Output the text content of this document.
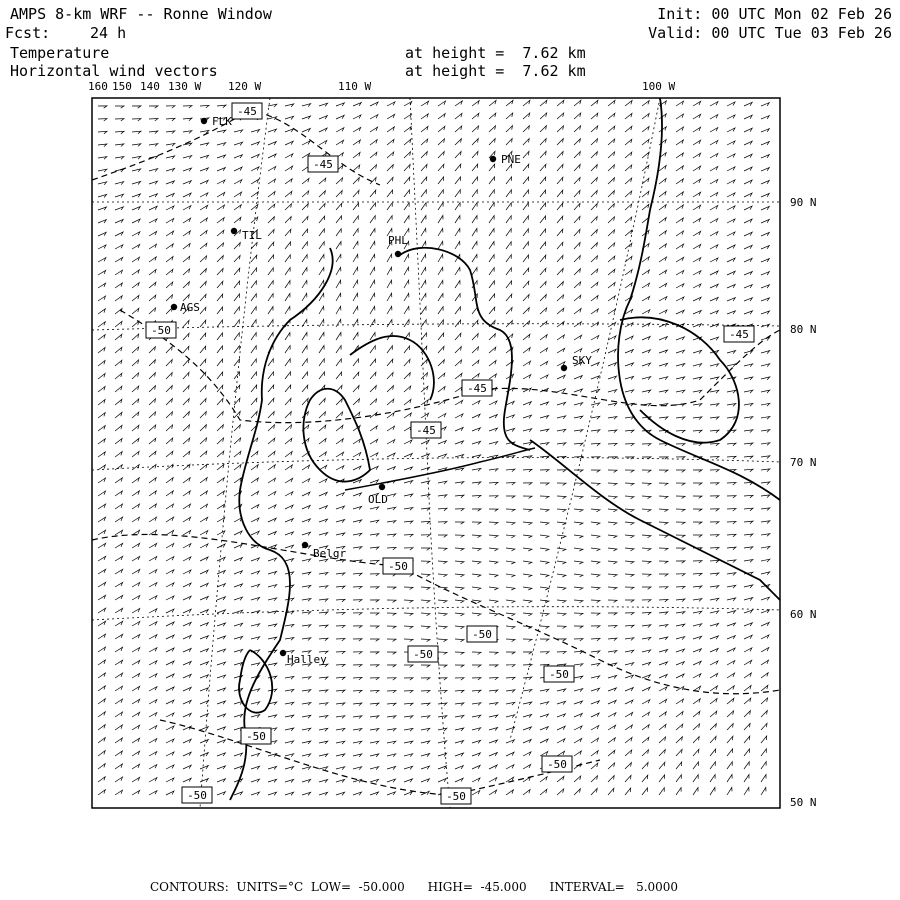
FLK
PNE
TIL	PHL
AGS
SKY
OLD
Belgr
Halley
-45
-45
-50
-45
-45
-45
-50
-50
-50
-50
-50
-50
-50	-50
AMPS 8-km WRF -- Ronne Window
Fcst:	24 h
Temperature
Horizontal wind vectors
at height =  7.62 km
at height =  7.62 km
Init: 00 UTC Mon 02 Feb 26
Valid: 00 UTC Tue 03 Feb 26
160 150 140 130 W 120 W	110 W	100 W
90 N
80 N
70 N
60 N
50 N
CONTOURS:  UNITS=°C  LOW=  -50.000      HIGH=  -45.000      INTERVAL=   5.0000
